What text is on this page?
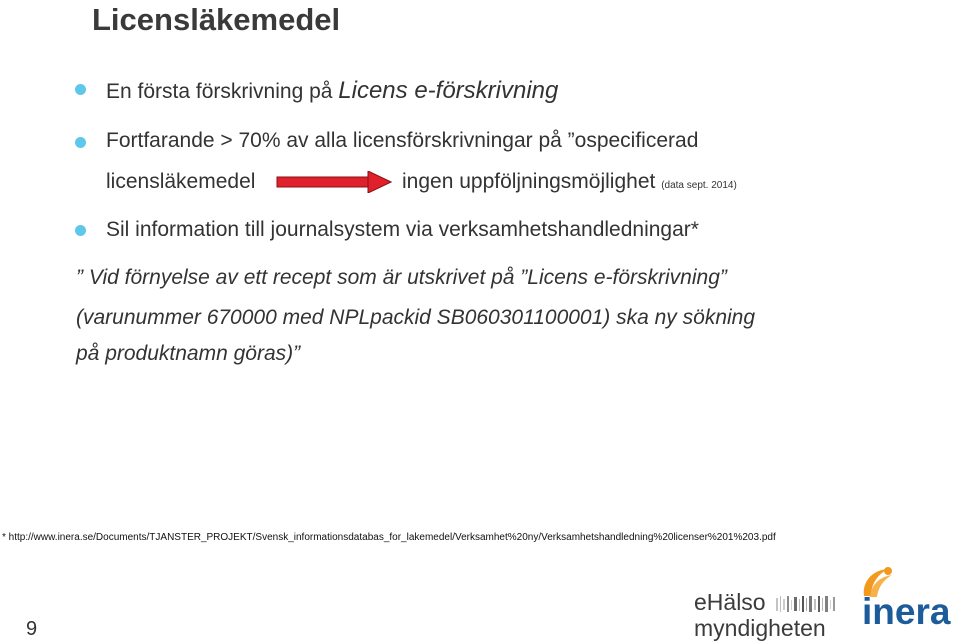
Licensläkemedel
En första förskrivning på Licens e-förskrivning
Fortfarande > 70% av alla licensförskrivningar på ”ospecificerad
licensläkemedel	ingen uppföljningsmöjlighet (data sept. 2014)
Sil information till journalsystem via verksamhetshandledningar*
” Vid förnyelse av ett recept som är utskrivet på ”Licens e-förskrivning”
(varunummer 670000 med NPLpackid SB060301100001) ska ny sökning
på produktnamn göras)”
* http://www.inera.se/Documents/TJANSTER_PROJEKT/Svensk_informationsdatabas_for_lakemedel/Verksamhet%20ny/Verksamhetshandledning%20licenser%201%203.pdf
9
eHälso
myndigheten inera
